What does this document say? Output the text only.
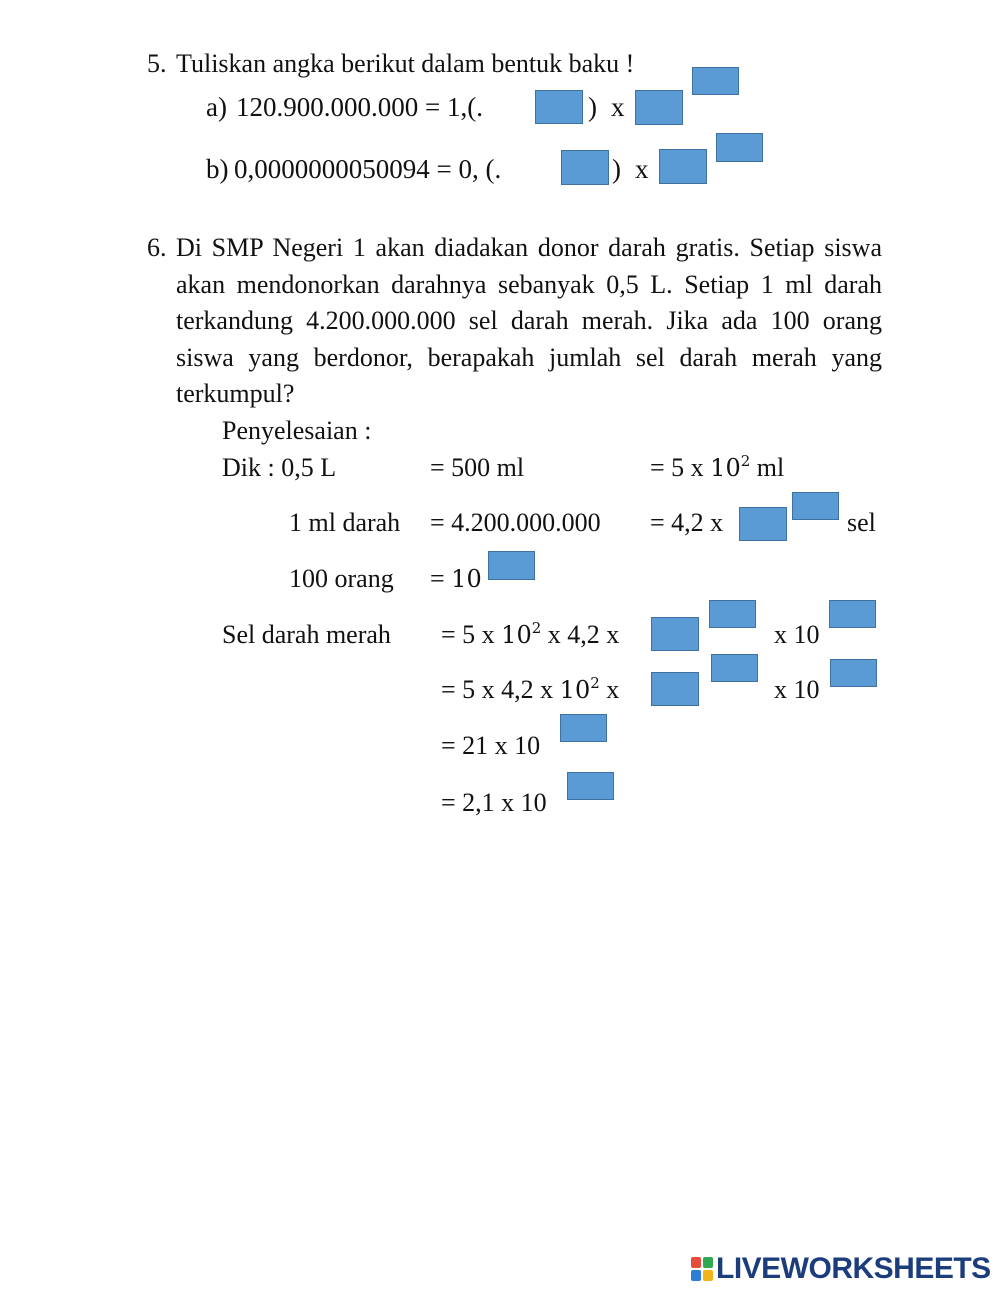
5. Tuliskan angka berikut dalam bentuk baku !
a) 120.900.000.000 = 1,(.	) x
b) 0,0000000050094 = 0, (.	) x
6. Di SMP Negeri 1 akan diadakan donor darah gratis. Setiap siswa akan mendonorkan darahnya sebanyak 0,5 L. Setiap 1 ml darah terkandung 4.200.000.000 sel darah merah. Jika ada 100 orang siswa yang berdonor, berapakah jumlah sel darah merah yang terkumpul?
Penyelesaian :
Dik : 0,5 L	= 500 ml	= 5 x $10^2$ ml
1 ml darah = 4.200.000.000 = 4,2 x	sel
100 orang = 10
Sel darah merah = 5 x $10^2$ x 4,2 x	x 10
= 5 x 4,2 x $10^2$ x	x 10
= 21 x 10
= 2,1 x 10
LIVEWORKSHEETS
